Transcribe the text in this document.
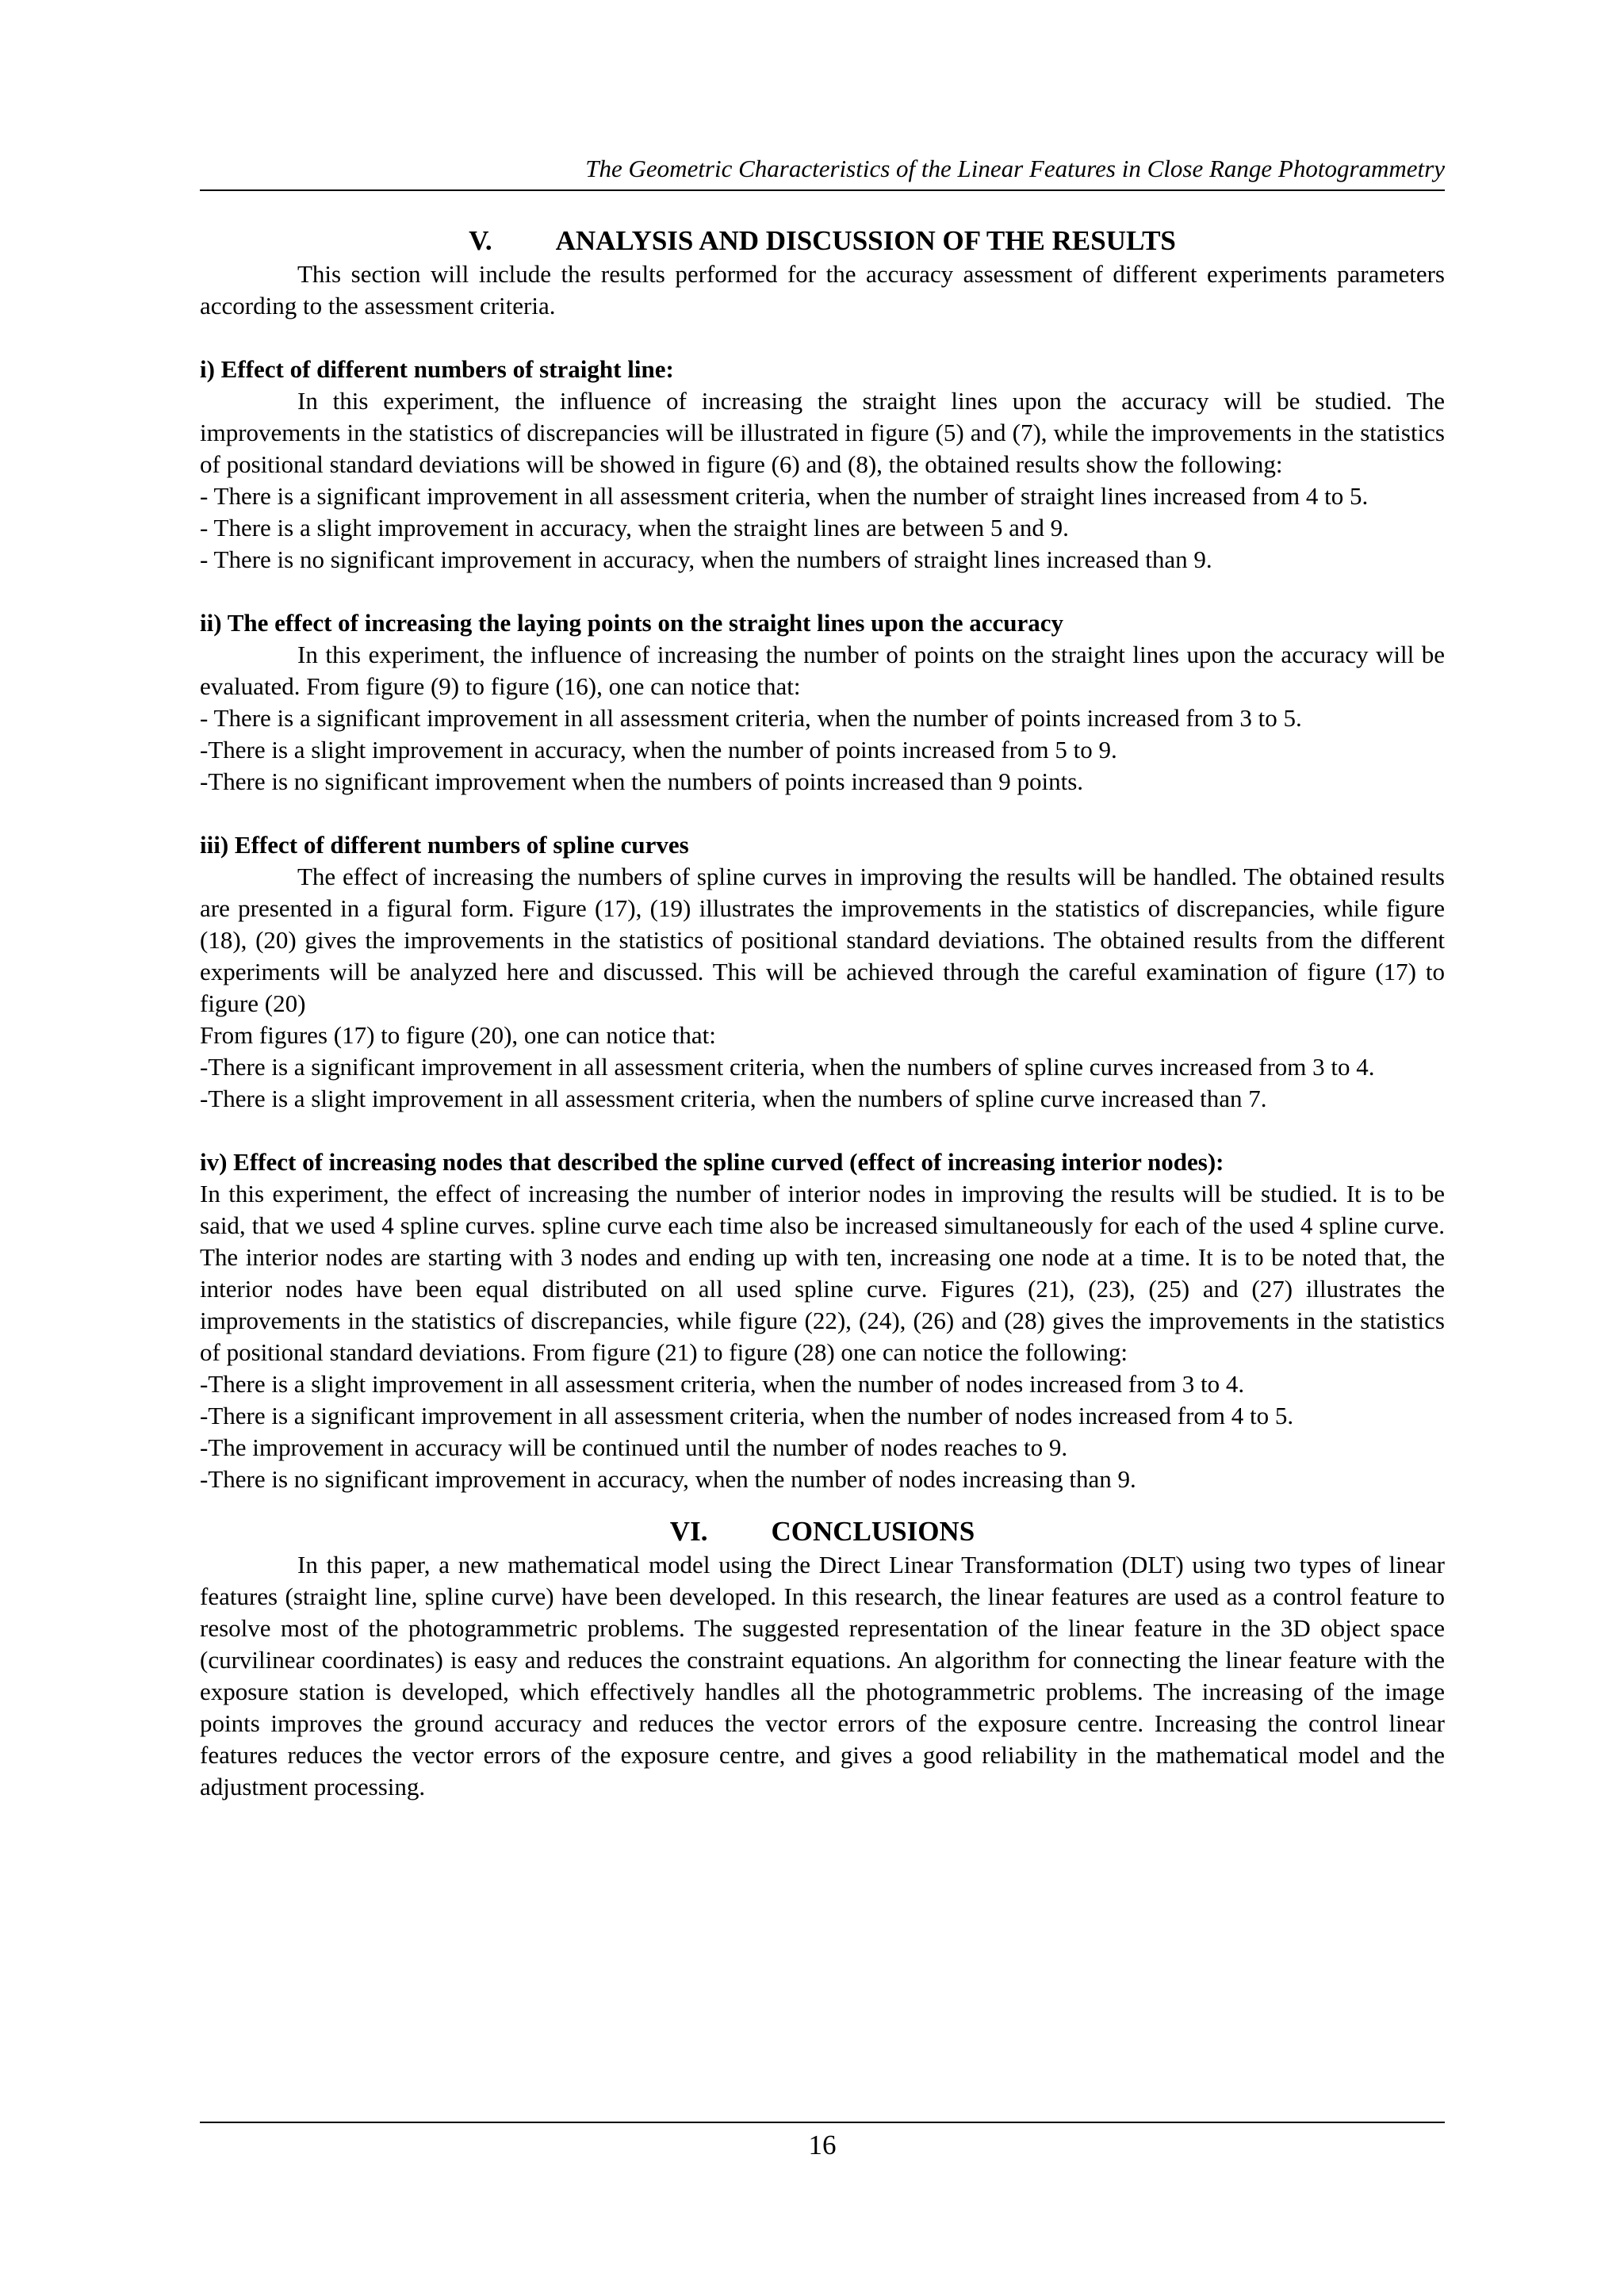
The Geometric Characteristics of the Linear Features in Close Range Photogrammetry
V. ANALYSIS AND DISCUSSION OF THE RESULTS

This section will include the results performed for the accuracy assessment of different experiments parameters according to the assessment criteria.

i) Effect of different numbers of straight line:

In this experiment, the influence of increasing the straight lines upon the accuracy will be studied. The improvements in the statistics of discrepancies will be illustrated in figure (5) and (7), while the improvements in the statistics of positional standard deviations will be showed in figure (6) and (8), the obtained results show the following:

- There is a significant improvement in all assessment criteria, when the number of straight lines increased from 4 to 5.

- There is a slight improvement in accuracy, when the straight lines are between 5 and 9.

- There is no significant improvement in accuracy, when the numbers of straight lines increased than 9.

ii) The effect of increasing the laying points on the straight lines upon the accuracy

In this experiment, the influence of increasing the number of points on the straight lines upon the accuracy will be evaluated. From figure (9) to figure (16), one can notice that:

- There is a significant improvement in all assessment criteria, when the number of points increased from 3 to 5.

-There is a slight improvement in accuracy, when the number of points increased from 5 to 9.

-There is no significant improvement when the numbers of points increased than 9 points.

iii) Effect of different numbers of spline curves

The effect of increasing the numbers of spline curves in improving the results will be handled. The obtained results are presented in a figural form. Figure (17), (19) illustrates the improvements in the statistics of discrepancies, while figure (18), (20) gives the improvements in the statistics of positional standard deviations. The obtained results from the different experiments will be analyzed here and discussed. This will be achieved through the careful examination of figure (17) to figure (20)

From figures (17) to figure (20), one can notice that:

-There is a significant improvement in all assessment criteria, when the numbers of spline curves increased from 3 to 4.

-There is a slight improvement in all assessment criteria, when the numbers of spline curve increased than 7.

iv) Effect of increasing nodes that described the spline curved (effect of increasing interior nodes):

In this experiment, the effect of increasing the number of interior nodes in improving the results will be studied. It is to be said, that we used 4 spline curves. spline curve each time also be increased simultaneously for each of the used 4 spline curve. The interior nodes are starting with 3 nodes and ending up with ten, increasing one node at a time. It is to be noted that, the interior nodes have been equal distributed on all used spline curve. Figures (21), (23), (25) and (27) illustrates the improvements in the statistics of discrepancies, while figure (22), (24), (26) and (28) gives the improvements in the statistics of positional standard deviations. From figure (21) to figure (28) one can notice the following:

-There is a slight improvement in all assessment criteria, when the number of nodes increased from 3 to 4.

-There is a significant improvement in all assessment criteria, when the number of nodes increased from 4 to 5.

-The improvement in accuracy will be continued until the number of nodes reaches to 9.

-There is no significant improvement in accuracy, when the number of nodes increasing than 9.

VI. CONCLUSIONS

In this paper, a new mathematical model using the Direct Linear Transformation (DLT) using two types of linear features (straight line, spline curve) have been developed. In this research, the linear features are used as a control feature to resolve most of the photogrammetric problems. The suggested representation of the linear feature in the 3D object space (curvilinear coordinates) is easy and reduces the constraint equations. An algorithm for connecting the linear feature with the exposure station is developed, which effectively handles all the photogrammetric problems. The increasing of the image points improves the ground accuracy and reduces the vector errors of the exposure centre. Increasing the control linear features reduces the vector errors of the exposure centre, and gives a good reliability in the mathematical model and the adjustment processing.

16
